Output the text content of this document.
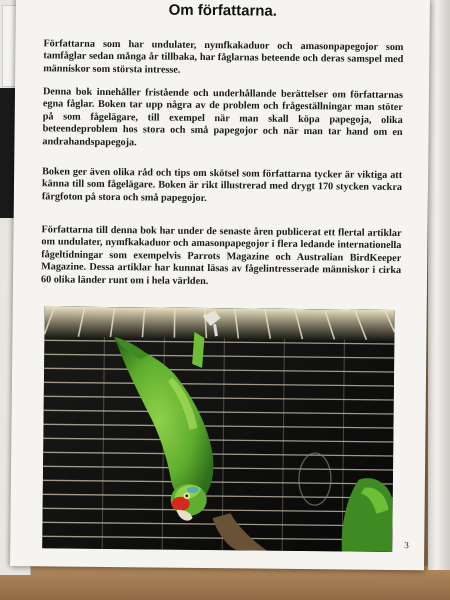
Om författarna.

Författarna som har undulater, nymfkakaduor och amasonpapegojor som tamfåglar sedan många år tillbaka, har fåglarnas beteende och deras samspel med människor som största intresse.

Denna bok innehåller fristående och underhållande berättelser om författarnas egna fåglar. Boken tar upp några av de problem och frågeställningar man stöter på som fågelägare, till exempel när man skall köpa papegoja, olika beteendeproblem hos stora och små papegojor och när man tar hand om en andrahandspapegoja.

Boken ger även olika råd och tips om skötsel som författarna tycker är viktiga att känna till som fågelägare. Boken är rikt illustrerad med drygt 170 stycken vackra färgfoton på stora och små papegojor.

Författarna till denna bok har under de senaste åren publicerat ett flertal artiklar om undulater, nymfkakaduor och amasonpapegojor i flera ledande internationella fågeltidningar som exempelvis Parrots Magazine och Australian BirdKeeper Magazine. Dessa artiklar har kunnat läsas av fågelintresserade människor i cirka 60 olika länder runt om i hela världen.

3
